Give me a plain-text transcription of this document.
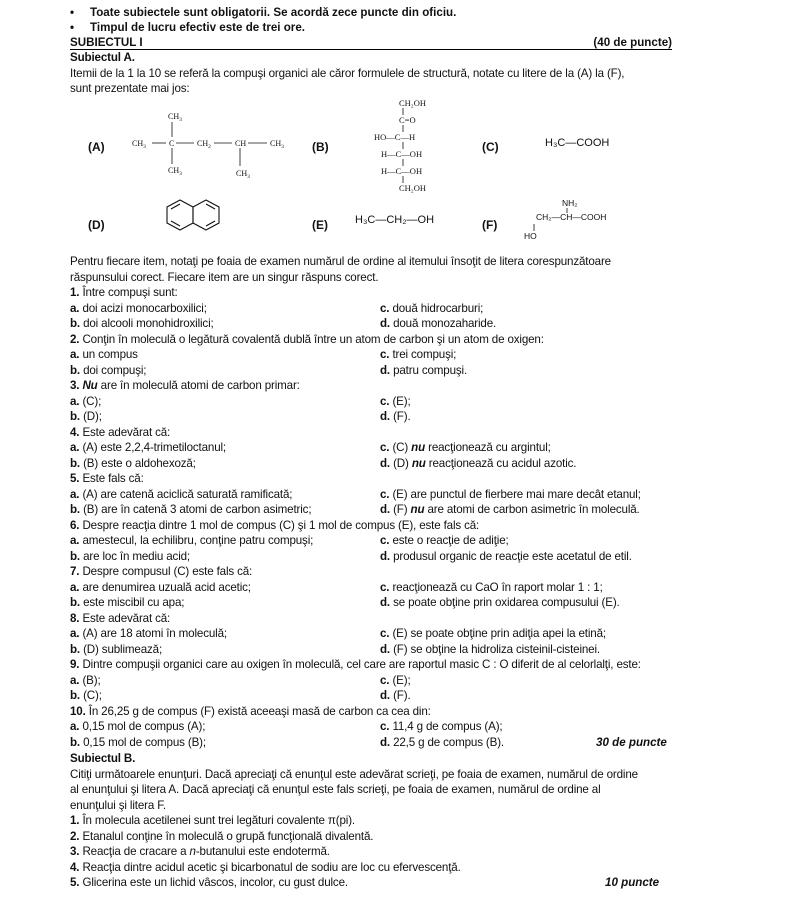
• Toate subiectele sunt obligatorii. Se acordă zece puncte din oficiu.
• Timpul de lucru efectiv este de trei ore.
SUBIECTUL I	(40 de puncte)
Subiectul A.
Itemii de la 1 la 10 se referă la compuşi organici ale căror formulele de structură, notate cu litere de la (A) la (F),
sunt prezentate mai jos:
(A)	(B)	(C)
(D)	(E)	(F)
$CH_3$
$CH_3$	C	$CH_2$	CH	$CH_3$
$CH_3$	$CH_3$
CH₂OH
C=O
HO—C—H
H—C—OH
H—C—OH
CH₂OH
H₃C—COOH
H₃C—CH₂—OH
NH₂
CH₂—CH—COOH
HO
Pentru fiecare item, notaţi pe foaia de examen numărul de ordine al itemului însoţit de litera corespunzătoare
răspunsului corect. Fiecare item are un singur răspuns corect.
1. Între compuşi sunt:
a. doi acizi monocarboxilici;	c. două hidrocarburi;
b. doi alcooli monohidroxilici;	d. două monozaharide.
2. Conţin în moleculă o legătură covalentă dublă între un atom de carbon şi un atom de oxigen:
a. un compus	c. trei compuşi;
b. doi compuşi;	d. patru compuşi.
3. Nu are în moleculă atomi de carbon primar:
a. (C);	c. (E);
b. (D);	d. (F).
4. Este adevărat că:
a. (A) este 2,2,4-trimetiloctanul;	c. (C) nu reacţionează cu argintul;
b. (B) este o aldohexoză;	d. (D) nu reacţionează cu acidul azotic.
5. Este fals că:
a. (A) are catenă aciclică saturată ramificată;	c. (E) are punctul de fierbere mai mare decât etanul;
b. (B) are în catenă 3 atomi de carbon asimetric;	d. (F) nu are atomi de carbon asimetric în moleculă.
6. Despre reacţia dintre 1 mol de compus (C) şi 1 mol de compus (E), este fals că:
a. amestecul, la echilibru, conţine patru compuşi;	c. este o reacţie de adiţie;
b. are loc în mediu acid;	d. produsul organic de reacţie este acetatul de etil.
7. Despre compusul (C) este fals că:
a. are denumirea uzuală acid acetic;	c. reacţionează cu CaO în raport molar 1 : 1;
b. este miscibil cu apa;	d. se poate obţine prin oxidarea compusului (E).
8. Este adevărat că:
a. (A) are 18 atomi în moleculă;	c. (E) se poate obţine prin adiţia apei la etină;
b. (D) sublimează;	d. (F) se obţine la hidroliza cisteinil-cisteinei.
9. Dintre compuşii organici care au oxigen în moleculă, cel care are raportul masic C : O diferit de al celorlalţi, este:
a. (B);	c. (E);
b. (C);	d. (F).
10. În 26,25 g de compus (F) există aceeaşi masă de carbon ca cea din:
a. 0,15 mol de compus (A);	c. 11,4 g de compus (A);
b. 0,15 mol de compus (B);	d. 22,5 g de compus (B).	30 de puncte
Subiectul B.
Citiţi următoarele enunţuri. Dacă apreciaţi că enunţul este adevărat scrieţi, pe foaia de examen, numărul de ordine
al enunţului şi litera A. Dacă apreciaţi că enunţul este fals scrieţi, pe foaia de examen, numărul de ordine al
enunţului şi litera F.
1. În molecula acetilenei sunt trei legături covalente π(pi).
2. Etanalul conţine în moleculă o grupă funcţională divalentă.
3. Reacţia de cracare a n-butanului este endotermă.
4. Reacţia dintre acidul acetic şi bicarbonatul de sodiu are loc cu efervescenţă.
5. Glicerina este un lichid vâscos, incolor, cu gust dulce.	10 puncte
